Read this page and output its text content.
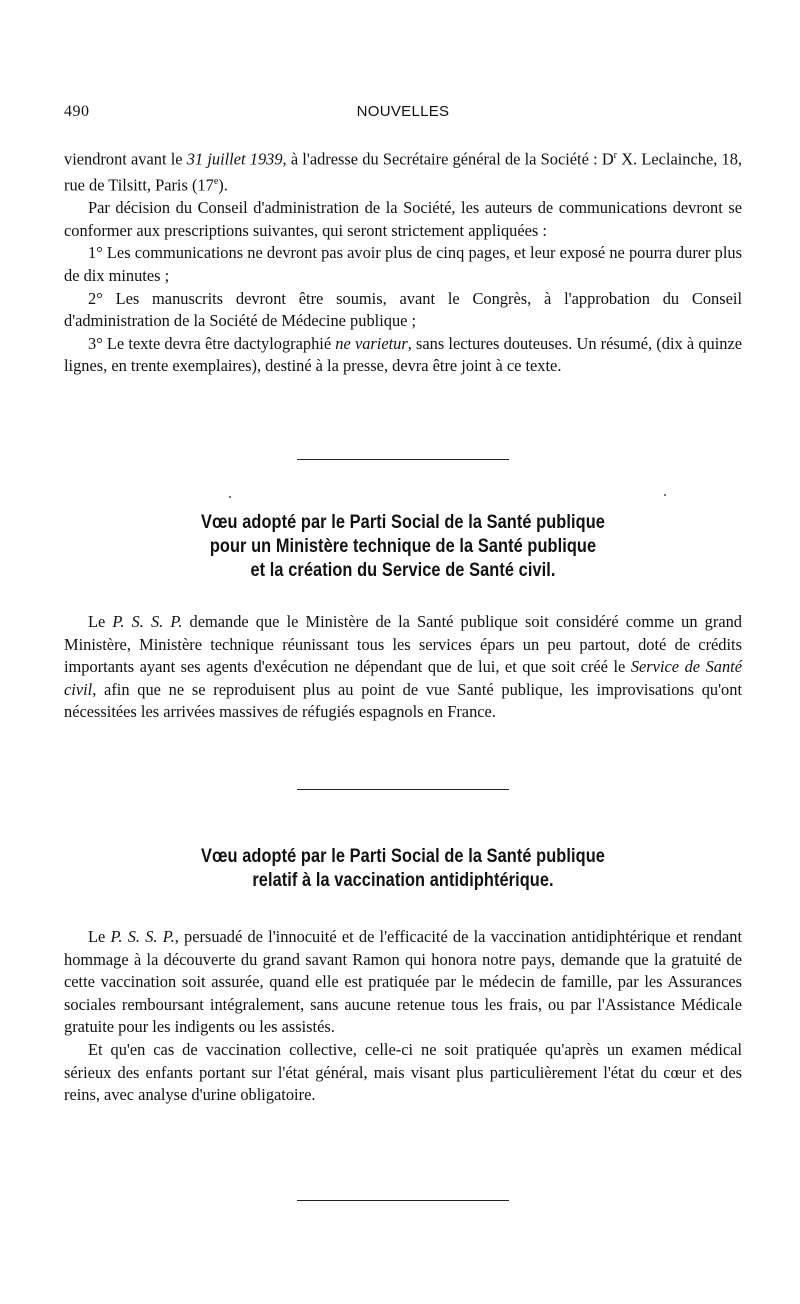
490	NOUVELLES

viendront avant le 31 juillet 1939, à l'adresse du Secrétaire général de la Société : $D^r$ X. Leclainche, 18, rue de Tilsitt, Paris (17e).

Par décision du Conseil d'administration de la Société, les auteurs de communications devront se conformer aux prescriptions suivantes, qui seront strictement appliquées :

1° Les communications ne devront pas avoir plus de cinq pages, et leur exposé ne pourra durer plus de dix minutes ;

2° Les manuscrits devront être soumis, avant le Congrès, à l'approbation du Conseil d'administration de la Société de Médecine publique ;

3° Le texte devra être dactylographié ne varietur, sans lectures douteuses. Un résumé, (dix à quinze lignes, en trente exemplaires), destiné à la presse, devra être joint à ce texte.

Vœu adopté par le Parti Social de la Santé publique
pour un Ministère technique de la Santé publique
et la création du Service de Santé civil.

Le P. S. S. P. demande que le Ministère de la Santé publique soit considéré comme un grand Ministère, Ministère technique réunissant tous les services épars un peu partout, doté de crédits importants ayant ses agents d'exécution ne dépendant que de lui, et que soit créé le Service de Santé civil, afin que ne se reproduisent plus au point de vue Santé publique, les improvisations qu'ont nécessitées les arrivées massives de réfugiés espagnols en France.

Vœu adopté par le Parti Social de la Santé publique
relatif à la vaccination antidiphtérique.

Le P. S. S. P., persuadé de l'innocuité et de l'efficacité de la vaccination antidiphtérique et rendant hommage à la découverte du grand savant Ramon qui honora notre pays, demande que la gratuité de cette vaccination soit assurée, quand elle est pratiquée par le médecin de famille, par les Assurances sociales remboursant intégralement, sans aucune retenue tous les frais, ou par l'Assistance Médicale gratuite pour les indigents ou les assistés.

Et qu'en cas de vaccination collective, celle-ci ne soit pratiquée qu'après un examen médical sérieux des enfants portant sur l'état général, mais visant plus particulièrement l'état du cœur et des reins, avec analyse d'urine obligatoire.
